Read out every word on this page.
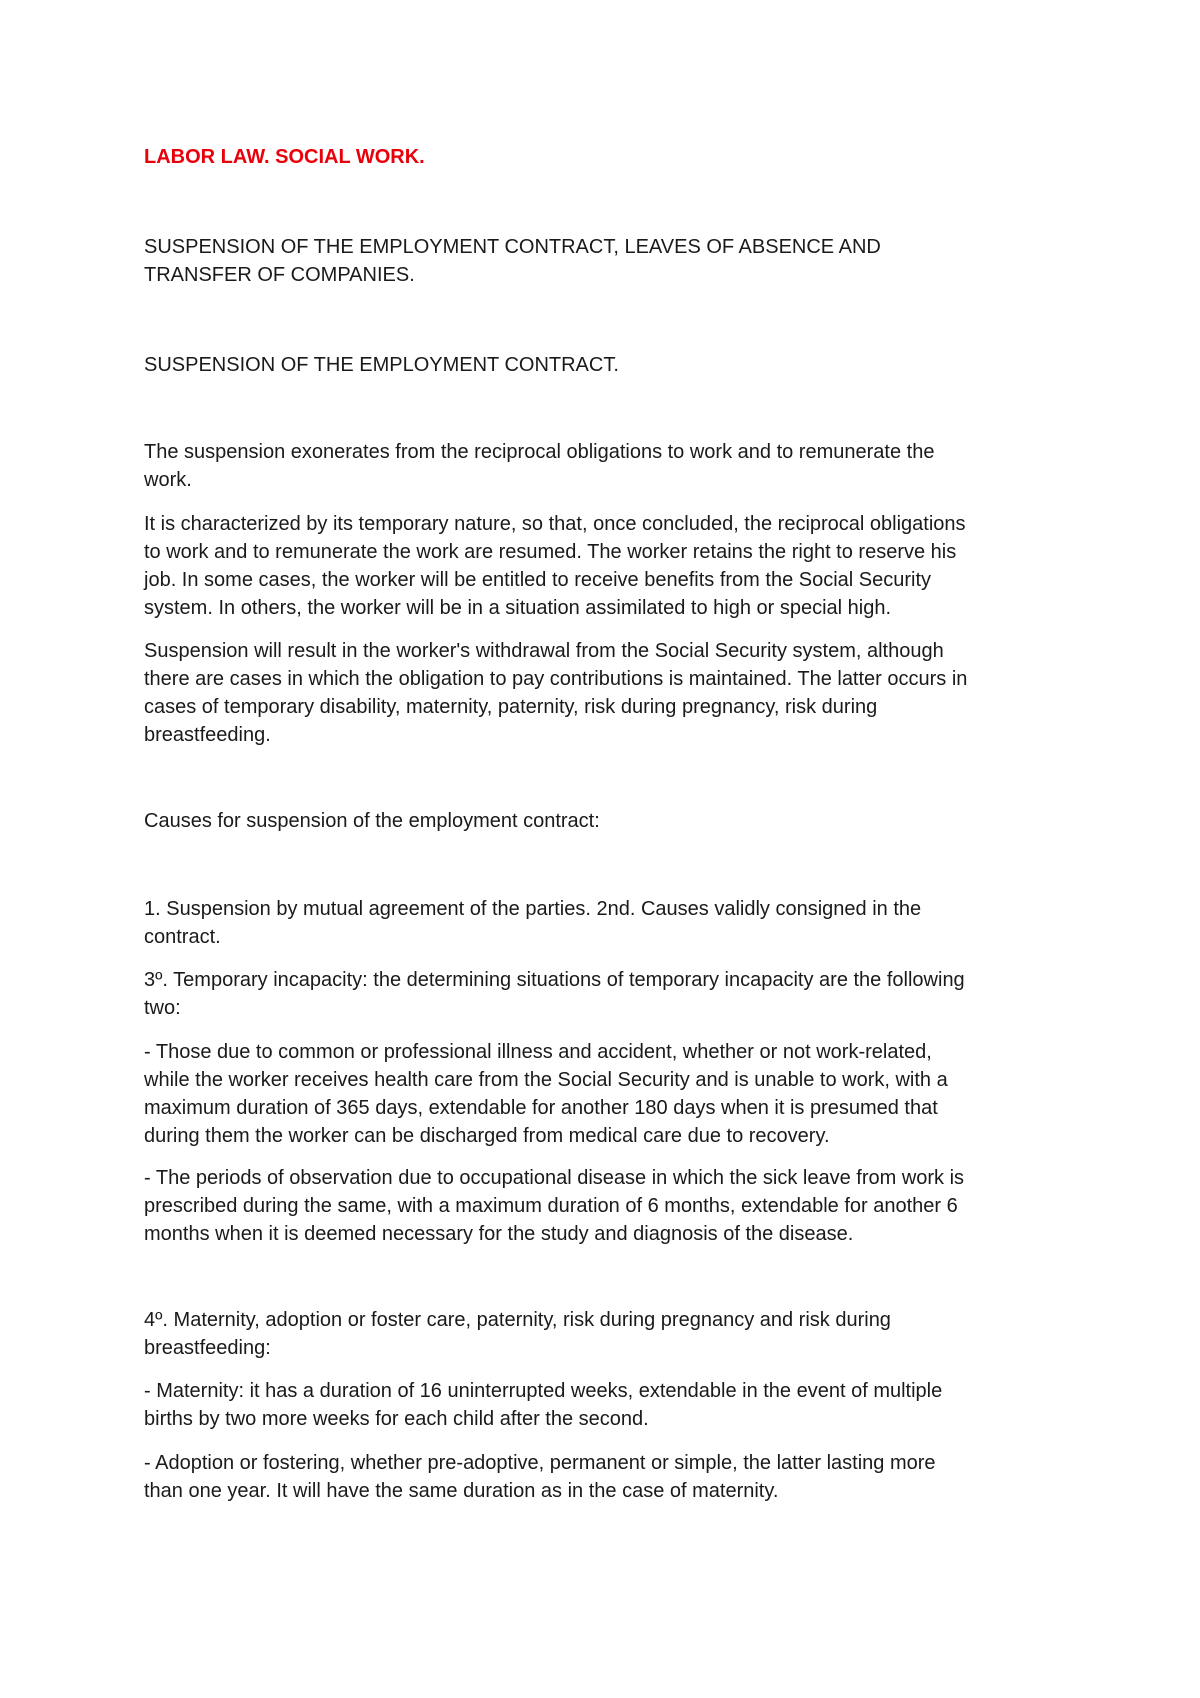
LABOR LAW. SOCIAL WORK.

SUSPENSION OF THE EMPLOYMENT CONTRACT, LEAVES OF ABSENCE AND
TRANSFER OF COMPANIES.

SUSPENSION OF THE EMPLOYMENT CONTRACT.

The suspension exonerates from the reciprocal obligations to work and to remunerate the
work.

It is characterized by its temporary nature, so that, once concluded, the reciprocal obligations
to work and to remunerate the work are resumed. The worker retains the right to reserve his
job. In some cases, the worker will be entitled to receive benefits from the Social Security
system. In others, the worker will be in a situation assimilated to high or special high.

Suspension will result in the worker's withdrawal from the Social Security system, although
there are cases in which the obligation to pay contributions is maintained. The latter occurs in
cases of temporary disability, maternity, paternity, risk during pregnancy, risk during
breastfeeding.

Causes for suspension of the employment contract:

1. Suspension by mutual agreement of the parties. 2nd. Causes validly consigned in the
contract.

3º. Temporary incapacity: the determining situations of temporary incapacity are the following
two:

- Those due to common or professional illness and accident, whether or not work-related,
while the worker receives health care from the Social Security and is unable to work, with a
maximum duration of 365 days, extendable for another 180 days when it is presumed that
during them the worker can be discharged from medical care due to recovery.

- The periods of observation due to occupational disease in which the sick leave from work is
prescribed during the same, with a maximum duration of 6 months, extendable for another 6
months when it is deemed necessary for the study and diagnosis of the disease.

4º. Maternity, adoption or foster care, paternity, risk during pregnancy and risk during
breastfeeding:

- Maternity: it has a duration of 16 uninterrupted weeks, extendable in the event of multiple
births by two more weeks for each child after the second.

- Adoption or fostering, whether pre-adoptive, permanent or simple, the latter lasting more
than one year. It will have the same duration as in the case of maternity.
